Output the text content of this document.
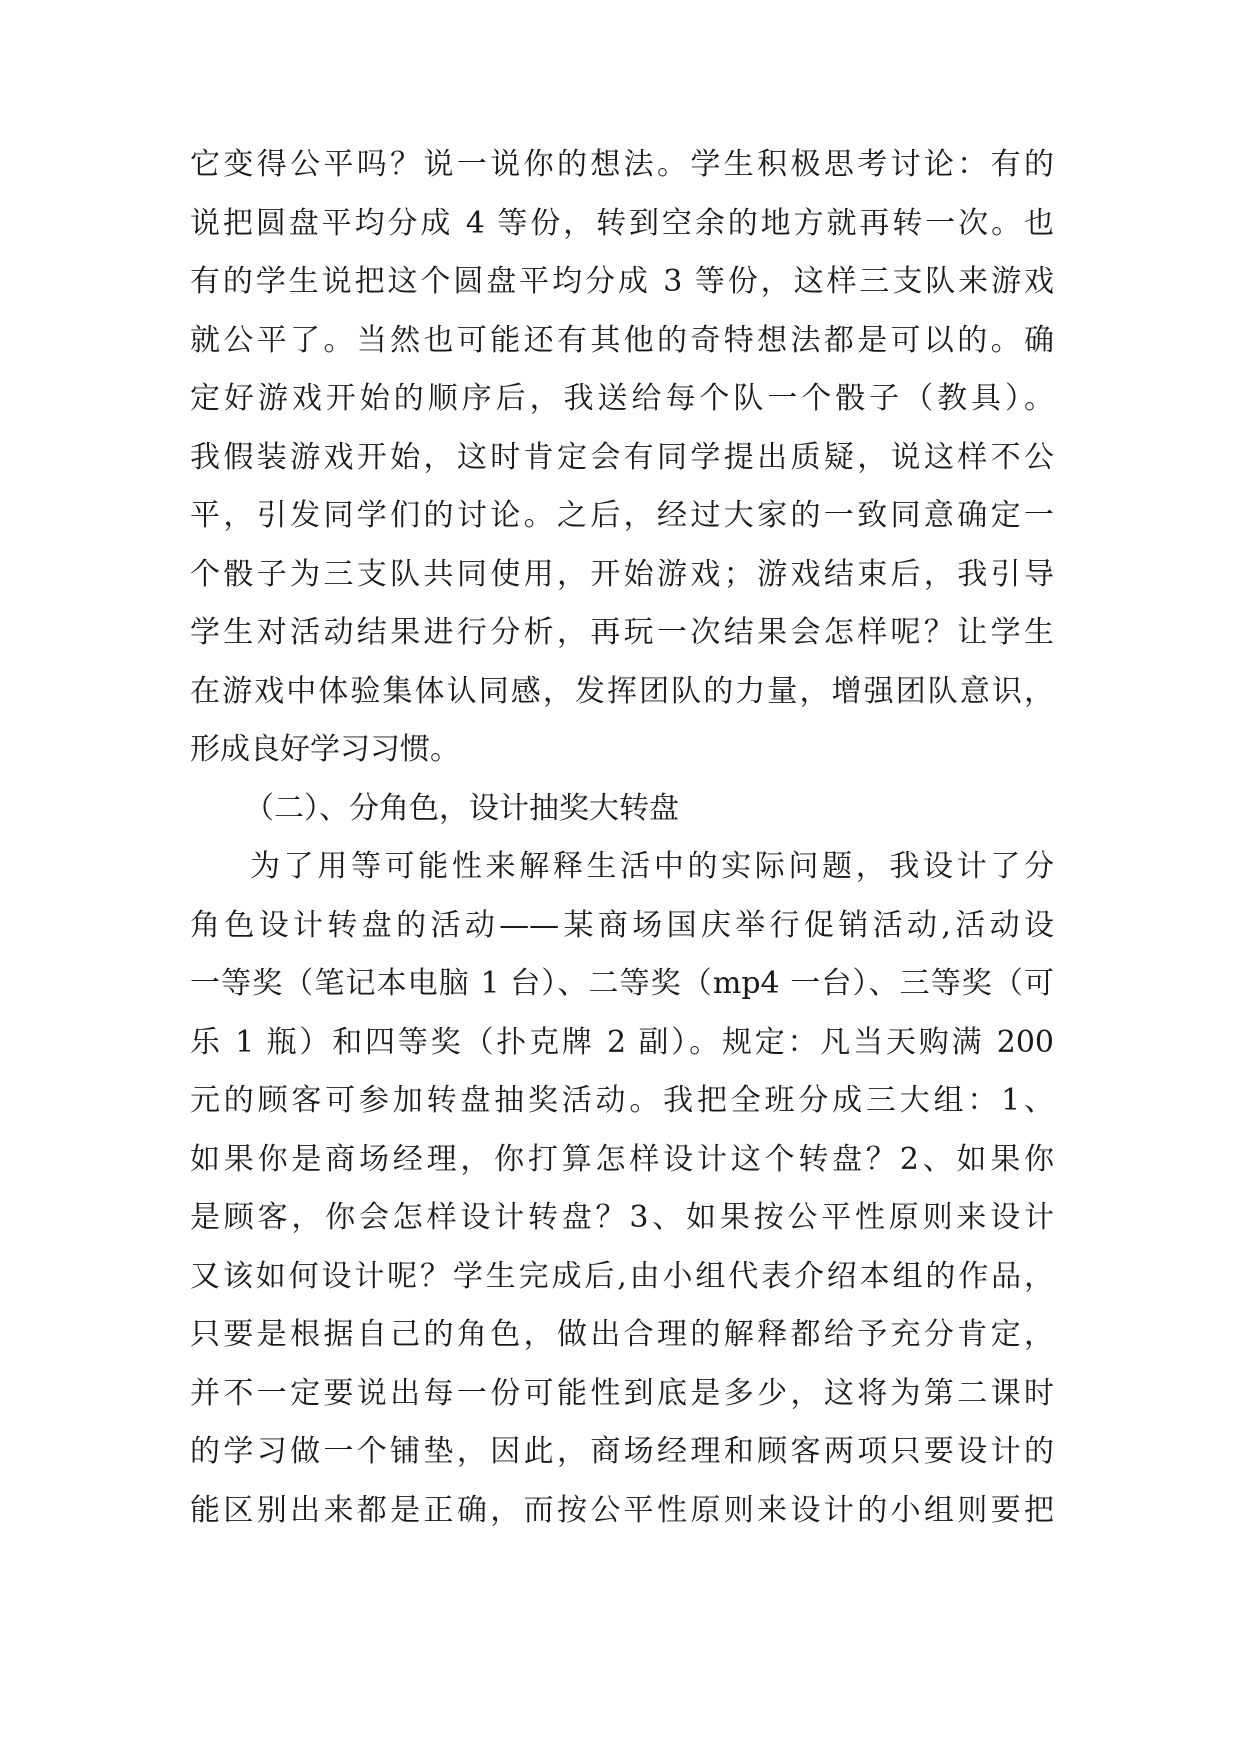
它变得公平吗？说一说你的想法。学生积极思考讨论：有的
说把圆盘平均分成 4 等份，转到空余的地方就再转一次。也
有的学生说把这个圆盘平均分成 3 等份，这样三支队来游戏
就公平了。当然也可能还有其他的奇特想法都是可以的。确
定好游戏开始的顺序后，我送给每个队一个骰子（教具）。
我假装游戏开始，这时肯定会有同学提出质疑，说这样不公
平，引发同学们的讨论。之后，经过大家的一致同意确定一
个骰子为三支队共同使用，开始游戏；游戏结束后，我引导
学生对活动结果进行分析，再玩一次结果会怎样呢？让学生
在游戏中体验集体认同感，发挥团队的力量，增强团队意识，
形成良好学习习惯。
（二）、分角色，设计抽奖大转盘
为了用等可能性来解释生活中的实际问题，我设计了分
角色设计转盘的活动——某商场国庆举行促销活动,活动设
一等奖（笔记本电脑 1 台）、二等奖（mp4 一台）、三等奖（可
乐 1 瓶）和四等奖（扑克牌 2 副）。规定：凡当天购满 200
元的顾客可参加转盘抽奖活动。我把全班分成三大组：1、
如果你是商场经理，你打算怎样设计这个转盘？2、如果你
是顾客，你会怎样设计转盘？3、如果按公平性原则来设计
又该如何设计呢？学生完成后,由小组代表介绍本组的作品，
只要是根据自己的角色，做出合理的解释都给予充分肯定，
并不一定要说出每一份可能性到底是多少，这将为第二课时
的学习做一个铺垫，因此，商场经理和顾客两项只要设计的
能区别出来都是正确，而按公平性原则来设计的小组则要把
